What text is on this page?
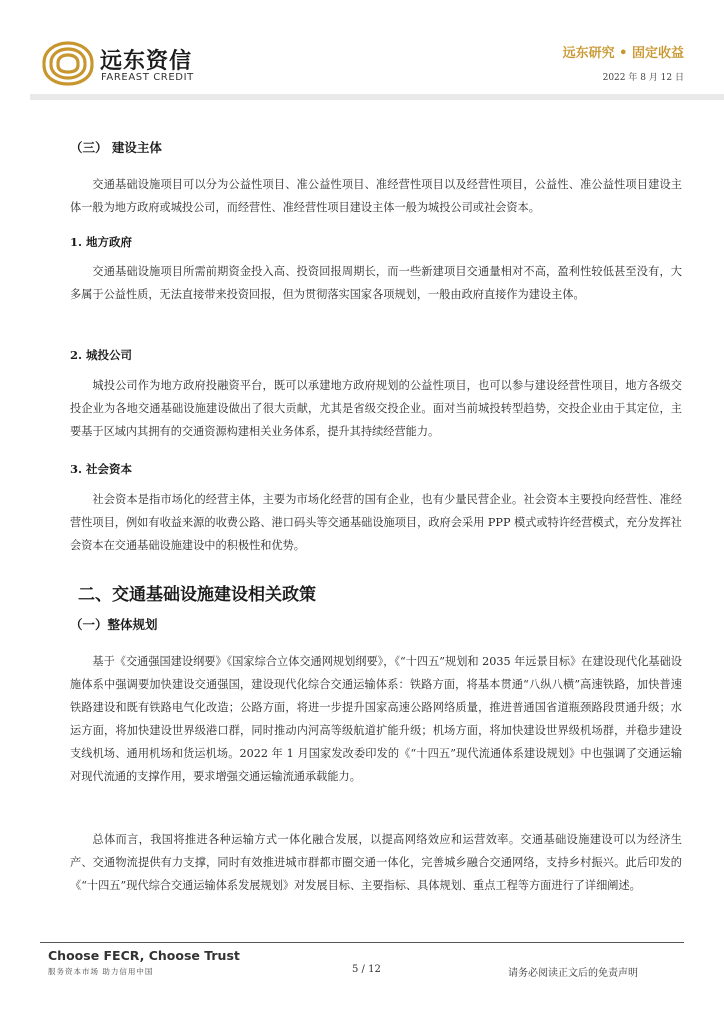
远东资信
FAREAST CREDIT
远东研究 • 固定收益
2022 年 8 月 12 日
（三） 建设主体

交通基础设施项目可以分为公益性项目、准公益性项目、准经营性项目以及经营性项目，公益性、准公益性项目建设主体一般为地方政府或城投公司，而经营性、准经营性项目建设主体一般为城投公司或社会资本。

1. 地方政府

交通基础设施项目所需前期资金投入高、投资回报周期长，而一些新建项目交通量相对不高，盈利性较低甚至没有，大多属于公益性质，无法直接带来投资回报，但为贯彻落实国家各项规划，一般由政府直接作为建设主体。

2. 城投公司

城投公司作为地方政府投融资平台，既可以承建地方政府规划的公益性项目，也可以参与建设经营性项目，地方各级交投企业为各地交通基础设施建设做出了很大贡献，尤其是省级交投企业。面对当前城投转型趋势，交投企业由于其定位，主要基于区域内其拥有的交通资源构建相关业务体系，提升其持续经营能力。

3. 社会资本

社会资本是指市场化的经营主体，主要为市场化经营的国有企业，也有少量民营企业。社会资本主要投向经营性、准经营性项目，例如有收益来源的收费公路、港口码头等交通基础设施项目，政府会采用 PPP 模式或特许经营模式，充分发挥社会资本在交通基础设施建设中的积极性和优势。

二、交通基础设施建设相关政策
（一）整体规划

基于《交通强国建设纲要》《国家综合立体交通网规划纲要》，《“十四五”规划和 2035 年远景目标》在建设现代化基础设施体系中强调要加快建设交通强国，建设现代化综合交通运输体系：铁路方面，将基本贯通“八纵八横”高速铁路，加快普速铁路建设和既有铁路电气化改造；公路方面，将进一步提升国家高速公路网络质量，推进普通国省道瓶颈路段贯通升级；水运方面，将加快建设世界级港口群，同时推动内河高等级航道扩能升级；机场方面，将加快建设世界级机场群，并稳步建设支线机场、通用机场和货运机场。2022 年 1 月国家发改委印发的《“十四五”现代流通体系建设规划》中也强调了交通运输对现代流通的支撑作用，要求增强交通运输流通承载能力。

总体而言，我国将推进各种运输方式一体化融合发展，以提高网络效应和运营效率。交通基础设施建设可以为经济生产、交通物流提供有力支撑，同时有效推进城市群都市圈交通一体化，完善城乡融合交通网络，支持乡村振兴。此后印发的《“十四五”现代综合交通运输体系发展规划》对发展目标、主要指标、具体规划、重点工程等方面进行了详细阐述。

Choose FECR, Choose Trust
服务资本市场 助力信用中国	5 / 12	请务必阅读正文后的免责声明
